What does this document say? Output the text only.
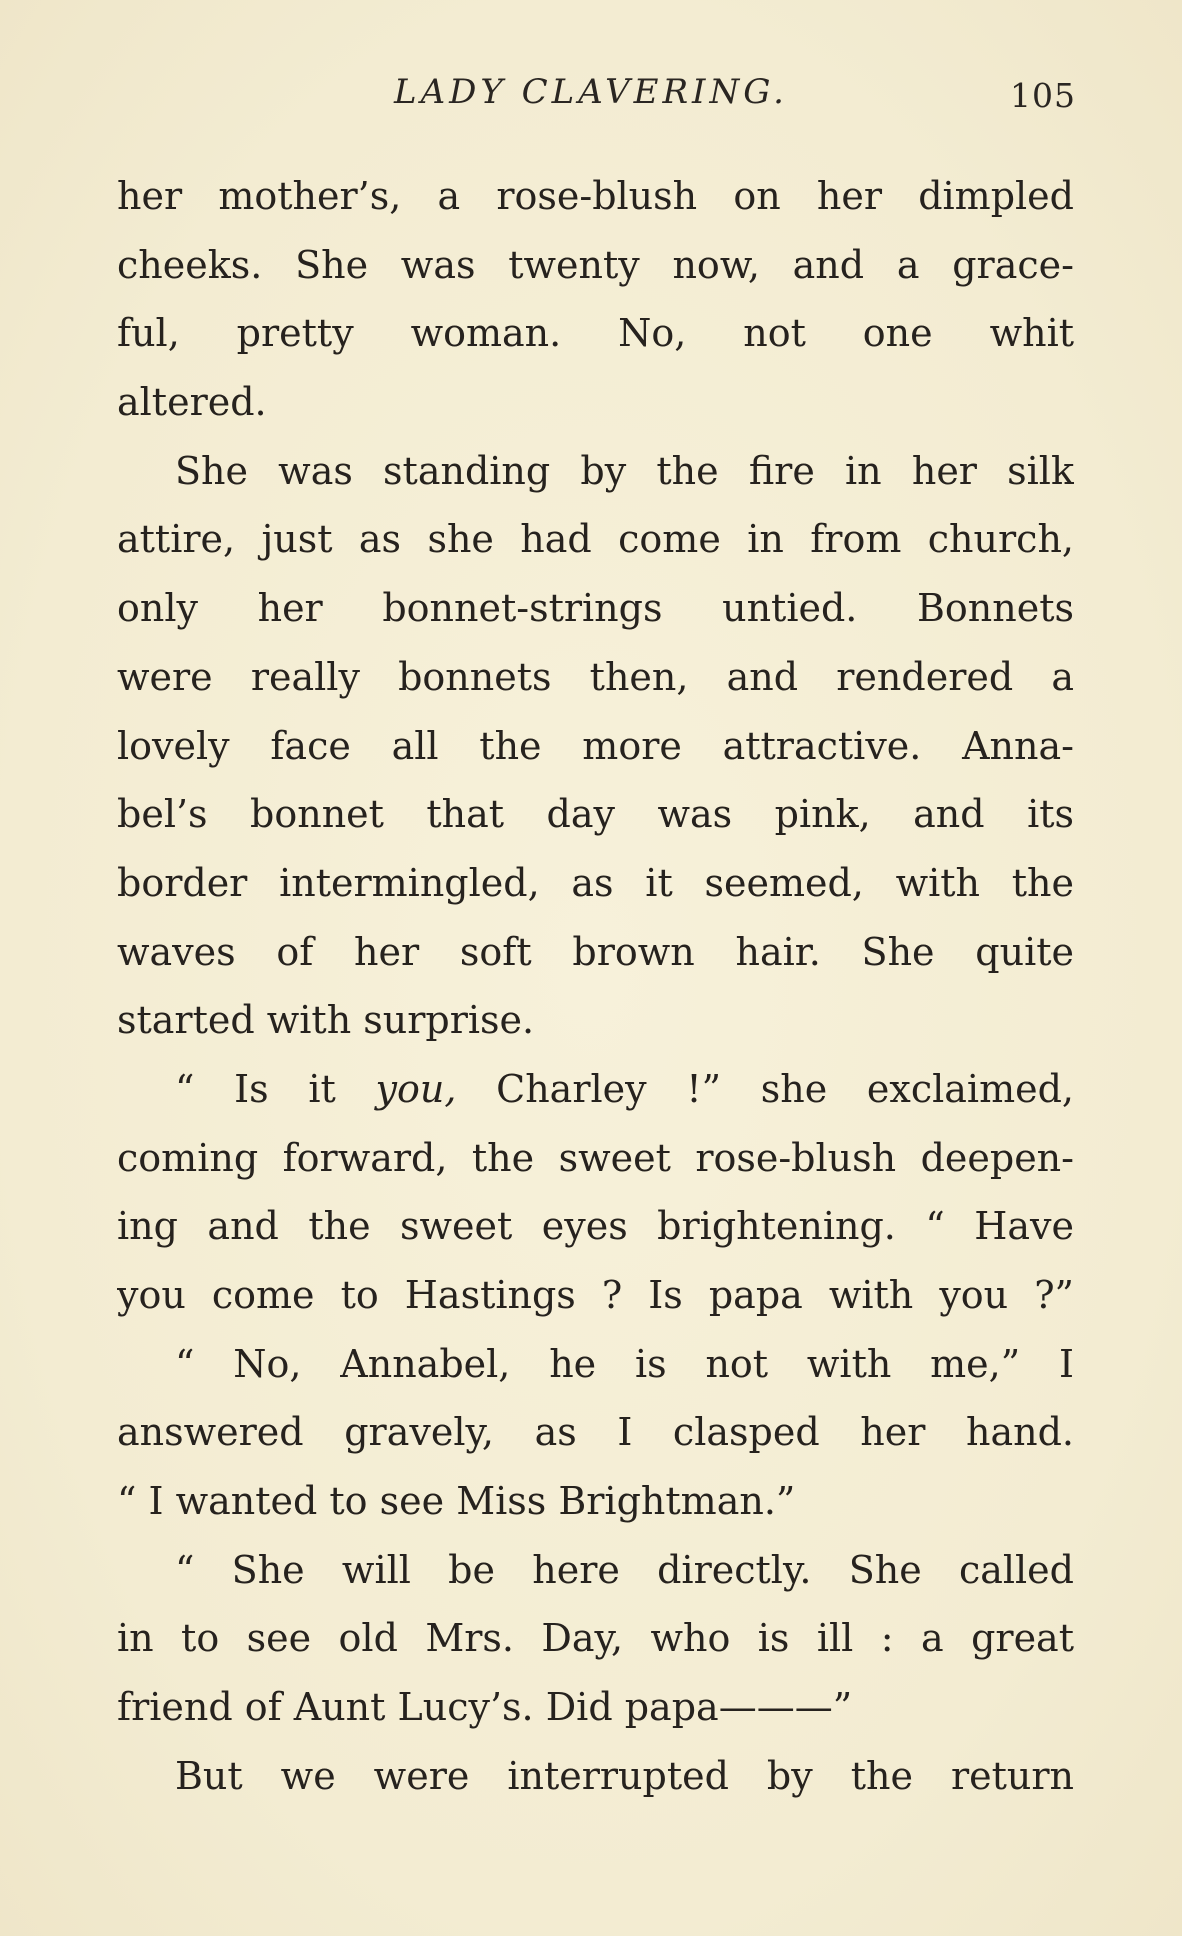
LADY CLAVERING.	105
her mother’s, a rose-blush on her dimpled
cheeks. She was twenty now, and a grace-
ful, pretty woman. No, not one whit
altered.
She was standing by the fire in her silk
attire, just as she had come in from church,
only her bonnet-strings untied. Bonnets
were really bonnets then, and rendered a
lovely face all the more attractive. Anna-
bel’s bonnet that day was pink, and its
border intermingled, as it seemed, with the
waves of her soft brown hair. She quite
started with surprise.
“ Is it you, Charley !” she exclaimed,
coming forward, the sweet rose-blush deepen-
ing and the sweet eyes brightening. “ Have
you come to Hastings ? Is papa with you ?”
“ No, Annabel, he is not with me,” I
answered gravely, as I clasped her hand.
“ I wanted to see Miss Brightman.”
“ She will be here directly. She called
in to see old Mrs. Day, who is ill : a great
friend of Aunt Lucy’s. Did papa———”
But we were interrupted by the return
